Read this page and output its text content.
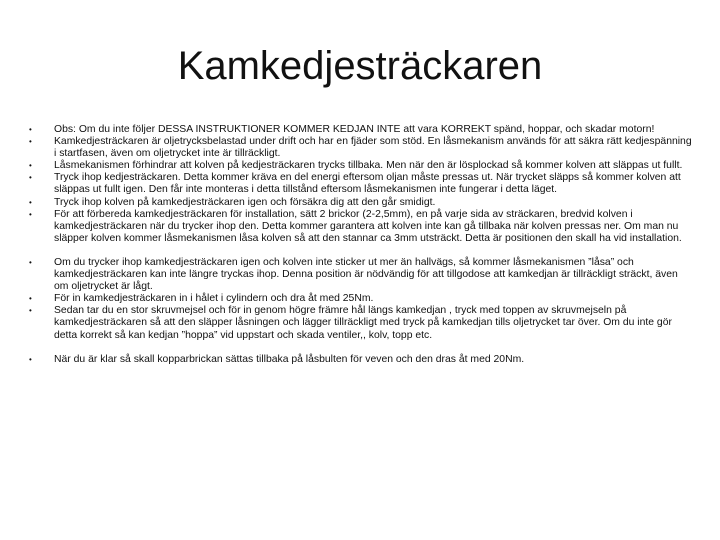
Kamkedjesträckaren
• Obs: Om du inte följer DESSA INSTRUKTIONER KOMMER KEDJAN INTE att vara KORREKT spänd, hoppar, och skadar motorn!
• Kamkedjesträckaren är oljetrycksbelastad under drift och har en fjäder som stöd. En låsmekanism används för att säkra rätt kedjespänning i startfasen, även om oljetrycket inte är tillräckligt.
• Låsmekanismen förhindrar att kolven på kedjesträckaren trycks tillbaka. Men när den är lösplockad så kommer kolven att släppas ut fullt.
• Tryck ihop kedjesträckaren. Detta kommer kräva en del energi eftersom oljan måste pressas ut. När trycket släpps så kommer kolven att släppas ut fullt igen. Den får inte monteras i detta tillstånd eftersom låsmekanismen inte fungerar i detta läget.
• Tryck ihop kolven på kamkedjesträckaren igen och försäkra dig att den går smidigt.
• För att förbereda kamkedjesträckaren för installation, sätt 2 brickor (2-2,5mm), en på varje sida av sträckaren, bredvid kolven i kamkedjesträckaren när du trycker ihop den. Detta kommer garantera att kolven inte kan gå tillbaka när kolven pressas ner. Om man nu släpper kolven kommer låsmekanismen låsa kolven så att den stannar ca 3mm utsträckt. Detta är positionen den skall ha vid installation.
• Om du trycker ihop kamkedjesträckaren igen och kolven inte sticker ut mer än hallvägs, så kommer låsmekanismen ”låsa” och kamkedjesträckaren kan inte längre tryckas ihop. Denna position är nödvändig för att tillgodose att kamkedjan är tillräckligt sträckt, även om oljetrycket är lågt.
• För in kamkedjesträckaren in i hålet i cylindern och dra åt med 25Nm.
• Sedan tar du en stor skruvmejsel och för in genom högre främre hål längs kamkedjan , tryck med toppen av skruvmejseln på kamkedjesträckaren så att den släpper låsningen och lägger tillräckligt med tryck på kamkedjan tills oljetrycket tar över. Om du inte gör detta korrekt så kan kedjan ”hoppa” vid uppstart och skada ventiler,, kolv, topp etc.
• När du är klar så skall kopparbrickan sättas tillbaka på låsbulten för veven och den dras åt med 20Nm.
